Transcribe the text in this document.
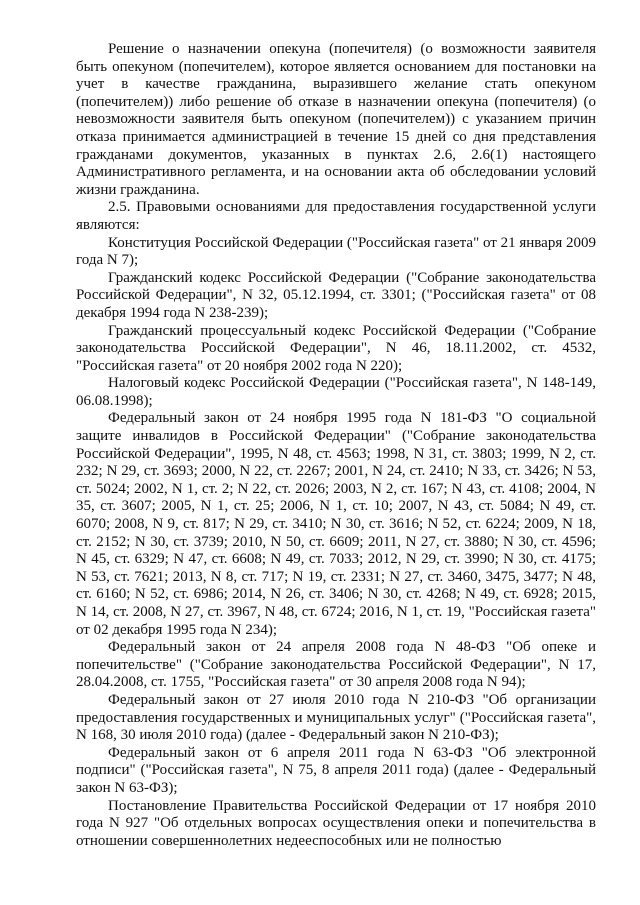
Решение о назначении опекуна (попечителя) (о возможности заявителя быть опекуном (попечителем), которое является основанием для постановки на учет в качестве гражданина, выразившего желание стать опекуном (попечителем)) либо решение об отказе в назначении опекуна (попечителя) (о невозможности заявителя быть опекуном (попечителем)) с указанием причин отказа принимается администрацией в течение 15 дней со дня представления гражданами документов, указанных в пунктах 2.6, 2.6(1) настоящего Административного регламента, и на основании акта об обследовании условий жизни гражданина.

2.5. Правовыми основаниями для предоставления государственной услуги являются:

Конституция Российской Федерации ("Российская газета" от 21 января 2009 года N 7);

Гражданский кодекс Российской Федерации ("Собрание законодательства Российской Федерации", N 32, 05.12.1994, ст. 3301; ("Российская газета" от 08 декабря 1994 года N 238-239);

Гражданский процессуальный кодекс Российской Федерации ("Собрание законодательства Российской Федерации", N 46, 18.11.2002, ст. 4532, "Российская газета" от 20 ноября 2002 года N 220);

Налоговый кодекс Российской Федерации ("Российская газета", N 148-149, 06.08.1998);

Федеральный закон от 24 ноября 1995 года N 181-ФЗ "О социальной защите инвалидов в Российской Федерации" ("Собрание законодательства Российской Федерации", 1995, N 48, ст. 4563; 1998, N 31, ст. 3803; 1999, N 2, ст. 232; N 29, ст. 3693; 2000, N 22, ст. 2267; 2001, N 24, ст. 2410; N 33, ст. 3426; N 53, ст. 5024; 2002, N 1, ст. 2; N 22, ст. 2026; 2003, N 2, ст. 167; N 43, ст. 4108; 2004, N 35, ст. 3607; 2005, N 1, ст. 25; 2006, N 1, ст. 10; 2007, N 43, ст. 5084; N 49, ст. 6070; 2008, N 9, ст. 817; N 29, ст. 3410; N 30, ст. 3616; N 52, ст. 6224; 2009, N 18, ст. 2152; N 30, ст. 3739; 2010, N 50, ст. 6609; 2011, N 27, ст. 3880; N 30, ст. 4596; N 45, ст. 6329; N 47, ст. 6608; N 49, ст. 7033; 2012, N 29, ст. 3990; N 30, ст. 4175; N 53, ст. 7621; 2013, N 8, ст. 717; N 19, ст. 2331; N 27, ст. 3460, 3475, 3477; N 48, ст. 6160; N 52, ст. 6986; 2014, N 26, ст. 3406; N 30, ст. 4268; N 49, ст. 6928; 2015, N 14, ст. 2008, N 27, ст. 3967, N 48, ст. 6724; 2016, N 1, ст. 19, "Российская газета" от 02 декабря 1995 года N 234);

Федеральный закон от 24 апреля 2008 года N 48-ФЗ "Об опеке и попечительстве" ("Собрание законодательства Российской Федерации", N 17, 28.04.2008, ст. 1755, "Российская газета" от 30 апреля 2008 года N 94);

Федеральный закон от 27 июля 2010 года N 210-ФЗ "Об организации предоставления государственных и муниципальных услуг" ("Российская газета", N 168, 30 июля 2010 года) (далее - Федеральный закон N 210-ФЗ);

Федеральный закон от 6 апреля 2011 года N 63-ФЗ "Об электронной подписи" ("Российская газета", N 75, 8 апреля 2011 года) (далее - Федеральный закон N 63-ФЗ);

Постановление Правительства Российской Федерации от 17 ноября 2010 года N 927 "Об отдельных вопросах осуществления опеки и попечительства в отношении совершеннолетних недееспособных или не полностью
